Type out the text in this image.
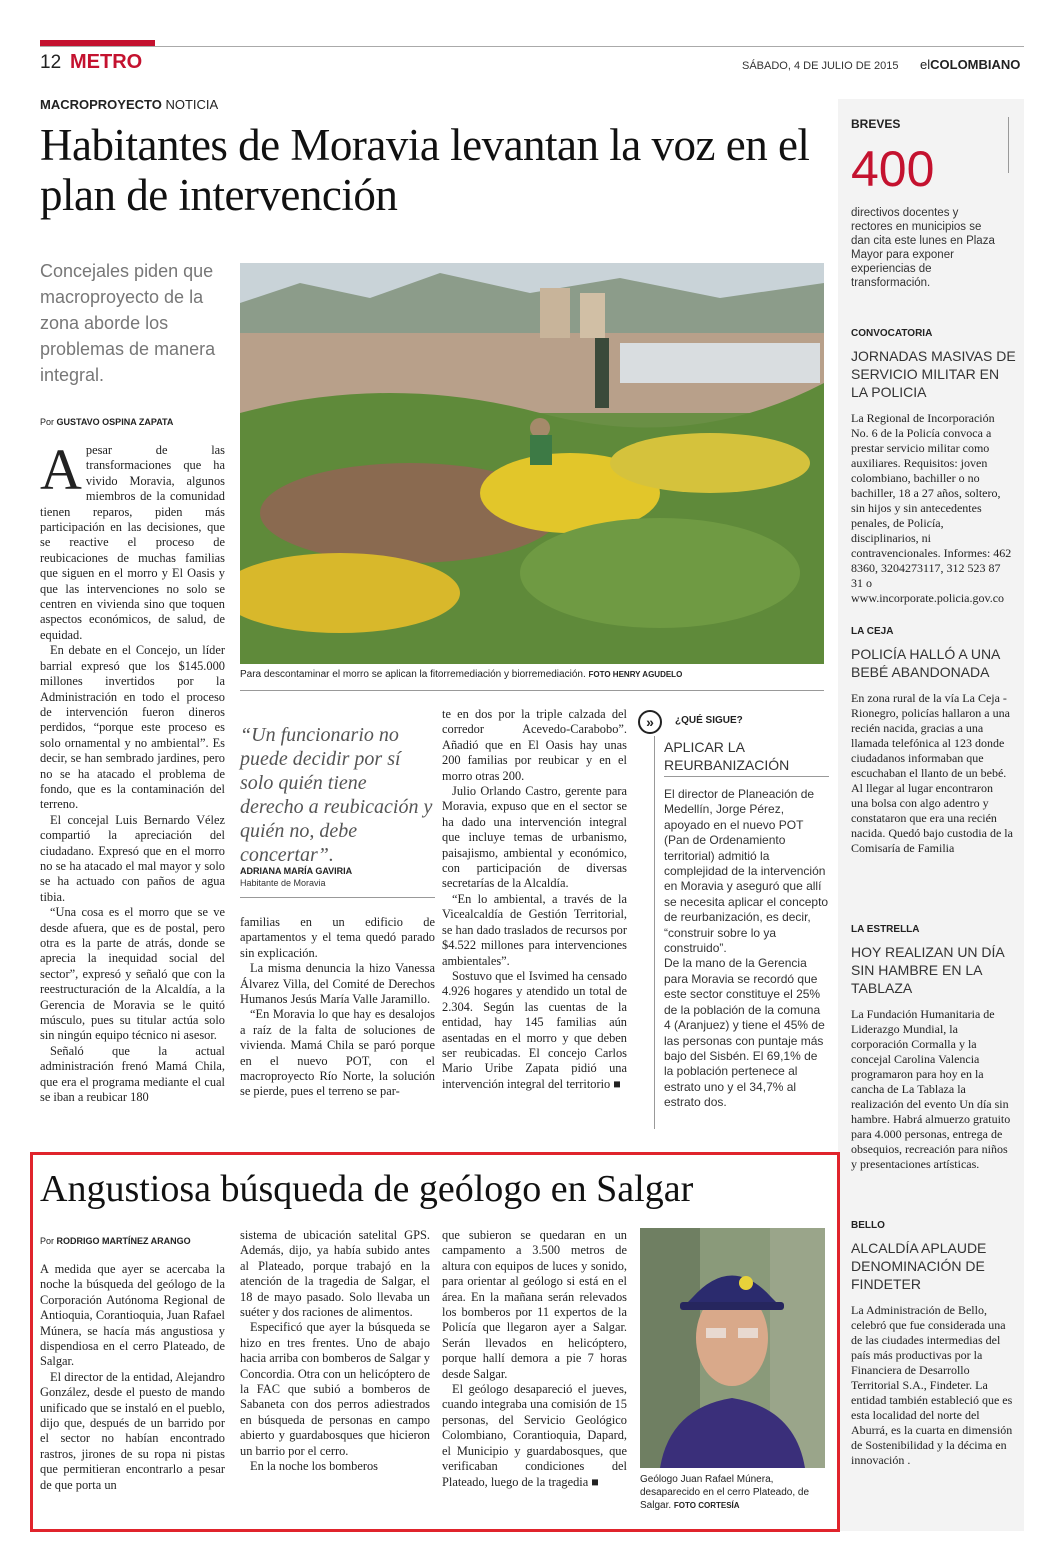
12 METRO	SÁBADO, 4 DE JULIO DE 2015 elCOLOMBIANO
MACROPROYECTO NOTICIA
Habitantes de Moravia levantan la voz en el plan de intervención
Concejales piden que macroproyecto de la zona aborde los problemas de manera integral.
Por GUSTAVO OSPINA ZAPATA

Apesar de las transformaciones que ha vivido Moravia, algunos miembros de la comunidad tienen reparos, piden más participación en las decisiones, que se reactive el proceso de reubicaciones de muchas familias que siguen en el morro y El Oasis y que las intervenciones no solo se centren en vivienda sino que toquen aspectos económicos, de salud, de equidad.

En debate en el Concejo, un líder barrial expresó que los $145.000 millones invertidos por la Administración en todo el proceso de intervención fueron dineros perdidos, “porque este proceso es solo ornamental y no ambiental”. Es decir, se han sembrado jardines, pero no se ha atacado el problema de fondo, que es la contaminación del terreno.

El concejal Luis Bernardo Vélez compartió la apreciación del ciudadano. Expresó que en el morro no se ha atacado el mal mayor y solo se ha actuado con paños de agua tibia.

“Una cosa es el morro que se ve desde afuera, que es de postal, pero otra es la parte de atrás, donde se aprecia la inequidad social del sector”, expresó y señaló que con la reestructuración de la Alcaldía, a la Gerencia de Moravia se le quitó músculo, pues su titular actúa solo sin ningún equipo técnico ni asesor.

Señaló que la actual administración frenó Mamá Chila, que era el programa mediante el cual se iban a reubicar 180

Para descontaminar el morro se aplican la fitorremediación y biorremediación. FOTO HENRY AGUDELO
“Un funcionario no puede decidir por sí solo quién tiene derecho a reubicación y quién no, debe concertar”.
ADRIANA MARÍA GAVIRIA
Habitante de Moravia

familias en un edificio de apartamentos y el tema quedó parado sin explicación.

La misma denuncia la hizo Vanessa Álvarez Villa, del Comité de Derechos Humanos Jesús María Valle Jaramillo.

“En Moravia lo que hay es desalojos a raíz de la falta de soluciones de vivienda. Mamá Chila se paró porque en el nuevo POT, con el macroproyecto Río Norte, la solución se pierde, pues el terreno se par-

te en dos por la triple calzada del corredor Acevedo-Carabobo”. Añadió que en El Oasis hay unas 200 familias por reubicar y en el morro otras 200.

Julio Orlando Castro, gerente para Moravia, expuso que en el sector se ha dado una intervención integral que incluye temas de urbanismo, paisajismo, ambiental y económico, con participación de diversas secretarías de la Alcaldía.

“En lo ambiental, a través de la Vicealcaldía de Gestión Territorial, se han dado traslados de recursos por $4.522 millones para intervenciones ambientales”.

Sostuvo que el Isvimed ha censado 4.926 hogares y atendido un total de 2.304. Según las cuentas de la entidad, hay 145 familias aún asentadas en el morro y que deben ser reubicadas. El concejo Carlos Mario Uribe Zapata pidió una intervención integral del territorio ■

»	¿QUÉ SIGUE?
APLICAR LA REURBANIZACIÓN
El director de Planeación de Medellín, Jorge Pérez, apoyado en el nuevo POT (Pan de Ordenamiento territorial) admitió la complejidad de la intervención en Moravia y aseguró que allí se necesita aplicar el concepto de reurbanización, es decir, “construir sobre lo ya construido”.
De la mano de la Gerencia para Moravia se recordó que este sector constituye el 25% de la población de la comuna 4 (Aranjuez) y tiene el 45% de las personas con puntaje más bajo del Sisbén. El 69,1% de la población pertenece al estrato uno y el 34,7% al estrato dos.
BREVES
400
directivos docentes y rectores en municipios se dan cita este lunes en Plaza Mayor para exponer experiencias de transformación.
CONVOCATORIA
JORNADAS MASIVAS DE SERVICIO MILITAR EN LA POLICIA
La Regional de Incorporación No. 6 de la Policía convoca a prestar servicio militar como auxiliares. Requisitos: joven colombiano, bachiller o no bachiller, 18 a 27 años, soltero, sin hijos y sin antecedentes penales, de Policía, disciplinarios, ni contravencionales. Informes: 462 8360, 3204273117, 312 523 87 31 o www.incorporate.policia.gov.co
LA CEJA
POLICÍA HALLÓ A UNA BEBÉ ABANDONADA
En zona rural de la vía La Ceja - Rionegro, policías hallaron a una recién nacida, gracias a una llamada telefónica al 123 donde ciudadanos informaban que escuchaban el llanto de un bebé. Al llegar al lugar encontraron una bolsa con algo adentro y constataron que era una recién nacida. Quedó bajo custodia de la Comisaría de Familia
LA ESTRELLA
HOY REALIZAN UN DÍA SIN HAMBRE EN LA TABLAZA
La Fundación Humanitaria de Liderazgo Mundial, la corporación Cormalla y la concejal Carolina Valencia programaron para hoy en la cancha de La Tablaza la realización del evento Un día sin hambre. Habrá almuerzo gratuito para 4.000 personas, entrega de obsequios, recreación para niños y presentaciones artísticas.
BELLO
ALCALDÍA APLAUDE DENOMINACIÓN DE FINDETER
La Administración de Bello, celebró que fue considerada una de las ciudades intermedias del país más productivas por la Financiera de Desarrollo Territorial S.A., Findeter. La entidad también estableció que es esta localidad del norte del Aburrá, es la cuarta en dimensión de Sostenibilidad y la décima en innovación .
Angustiosa búsqueda de geólogo en Salgar
Por RODRIGO MARTÍNEZ ARANGO

A medida que ayer se acercaba la noche la búsqueda del geólogo de la Corporación Autónoma Regional de Antioquia, Corantioquia, Juan Rafael Múnera, se hacía más angustiosa y dispendiosa en el cerro Plateado, de Salgar.

El director de la entidad, Alejandro González, desde el puesto de mando unificado que se instaló en el pueblo, dijo que, después de un barrido por el sector no habían encontrado rastros, jirones de su ropa ni pistas que permitieran encontrarlo a pesar de que porta un

sistema de ubicación satelital GPS. Además, dijo, ya había subido antes al Plateado, porque trabajó en la atención de la tragedia de Salgar, el 18 de mayo pasado. Solo llevaba un suéter y dos raciones de alimentos.

Especificó que ayer la búsqueda se hizo en tres frentes. Uno de abajo hacia arriba con bomberos de Salgar y Concordia. Otra con un helicóptero de la FAC que subió a bomberos de Sabaneta con dos perros adiestrados en búsqueda de personas en campo abierto y guardabosques que hicieron un barrio por el cerro.

En la noche los bomberos

que subieron se quedaran en un campamento a 3.500 metros de altura con equipos de luces y sonido, para orientar al geólogo si está en el área. En la mañana serán relevados los bomberos por 11 expertos de la Policía que llegaron ayer a Salgar. Serán llevados en helicóptero, porque hallí demora a pie 7 horas desde Salgar.

El geólogo desapareció el jueves, cuando integraba una comisión de 15 personas, del Servicio Geológico Colombiano, Corantioquia, Dapard, el Municipio y guardabosques, que verificaban condiciones del Plateado, luego de la tragedia ■	Geólogo Juan Rafael Múnera, desaparecido en el cerro Plateado, de Salgar. FOTO CORTESÍA
